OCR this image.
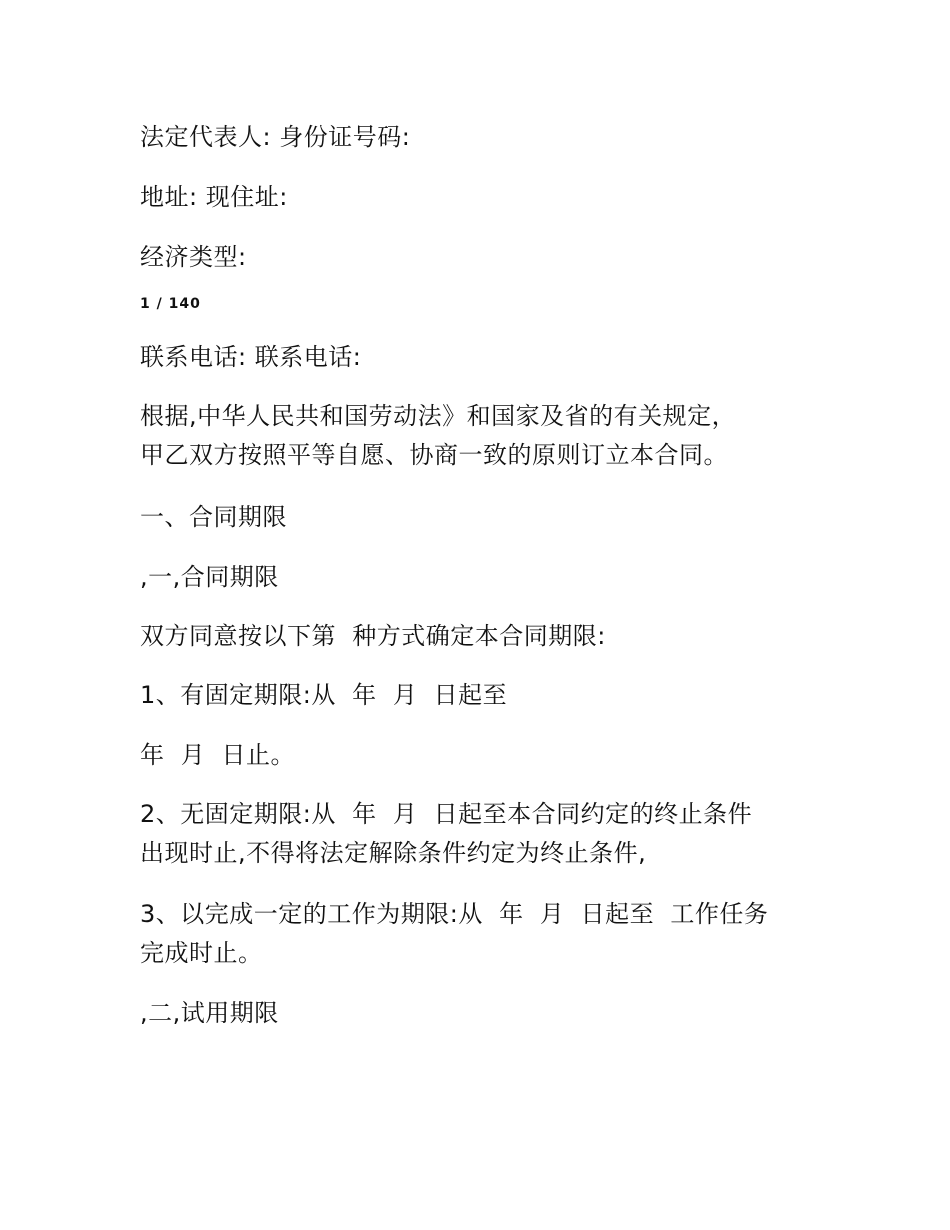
法定代表人: 身份证号码:
地址: 现住址:
经济类型:
1 / 140
联系电话: 联系电话:
根据,中华人民共和国劳动法》和国家及省的有关规定，
甲乙双方按照平等自愿、协商一致的原则订立本合同。
一、合同期限
,一,合同期限
双方同意按以下第  种方式确定本合同期限:
1、有固定期限:从  年  月  日起至
年  月  日止。
2、无固定期限:从  年  月  日起至本合同约定的终止条件
出现时止,不得将法定解除条件约定为终止条件,
3、以完成一定的工作为期限:从  年  月  日起至  工作任务
完成时止。
,二,试用期限
